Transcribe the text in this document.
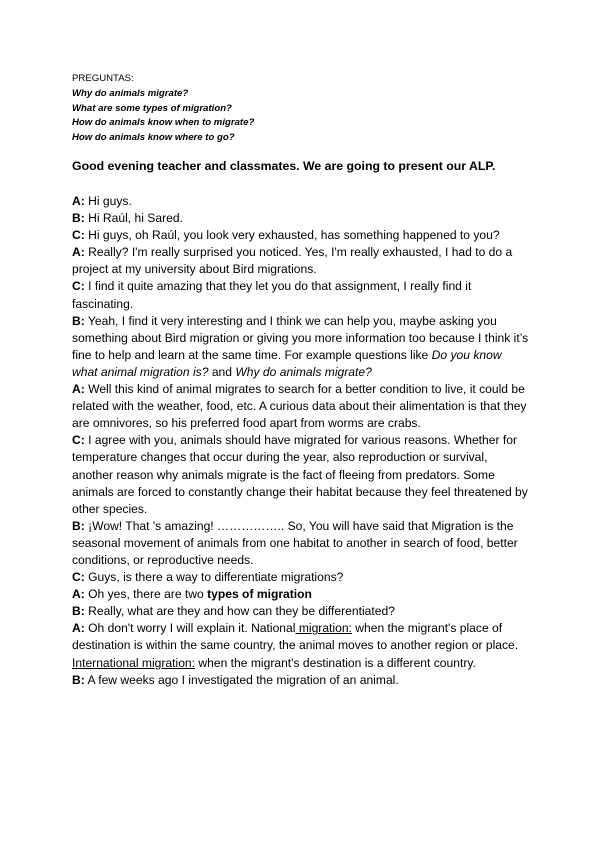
PREGUNTAS:
Why do animals migrate?
What are some types of migration?
How do animals know when to migrate?
How do animals know where to go?
Good evening teacher and classmates. We are going to present our ALP.

A: Hi guys.

B: Hi Raúl, hi Sared.

C: Hi guys, oh Raúl, you look very exhausted, has something happened to you?

A: Really? I'm really surprised you noticed. Yes, I'm really exhausted, I had to do a project at my university about Bird migrations.

C: I find it quite amazing that they let you do that assignment, I really find it fascinating.

B: Yeah, I find it very interesting and I think we can help you, maybe asking you something about Bird migration or giving you more information too because I think it’s fine to help and learn at the same time. For example questions like Do you know what animal migration is? and Why do animals migrate?

A: Well this kind of animal migrates to search for a better condition to live, it could be related with the weather, food, etc. A curious data about their alimentation is that they are omnivores, so his preferred food apart from worms are crabs.

C: I agree with you, animals should have migrated for various reasons. Whether for temperature changes that occur during the year, also reproduction or survival, another reason why animals migrate is the fact of fleeing from predators. Some animals are forced to constantly change their habitat because they feel threatened by other species.

B: ¡Wow! That 's amazing! …………….. So, You will have said that Migration is the seasonal movement of animals from one habitat to another in search of food, better conditions, or reproductive needs.

C: Guys, is there a way to differentiate migrations?

A: Oh yes, there are two types of migration

B: Really, what are they and how can they be differentiated?

A: Oh don't worry I will explain it. National migration: when the migrant's place of destination is within the same country, the animal moves to another region or place.

International migration: when the migrant's destination is a different country.

B: A few weeks ago I investigated the migration of an animal.
